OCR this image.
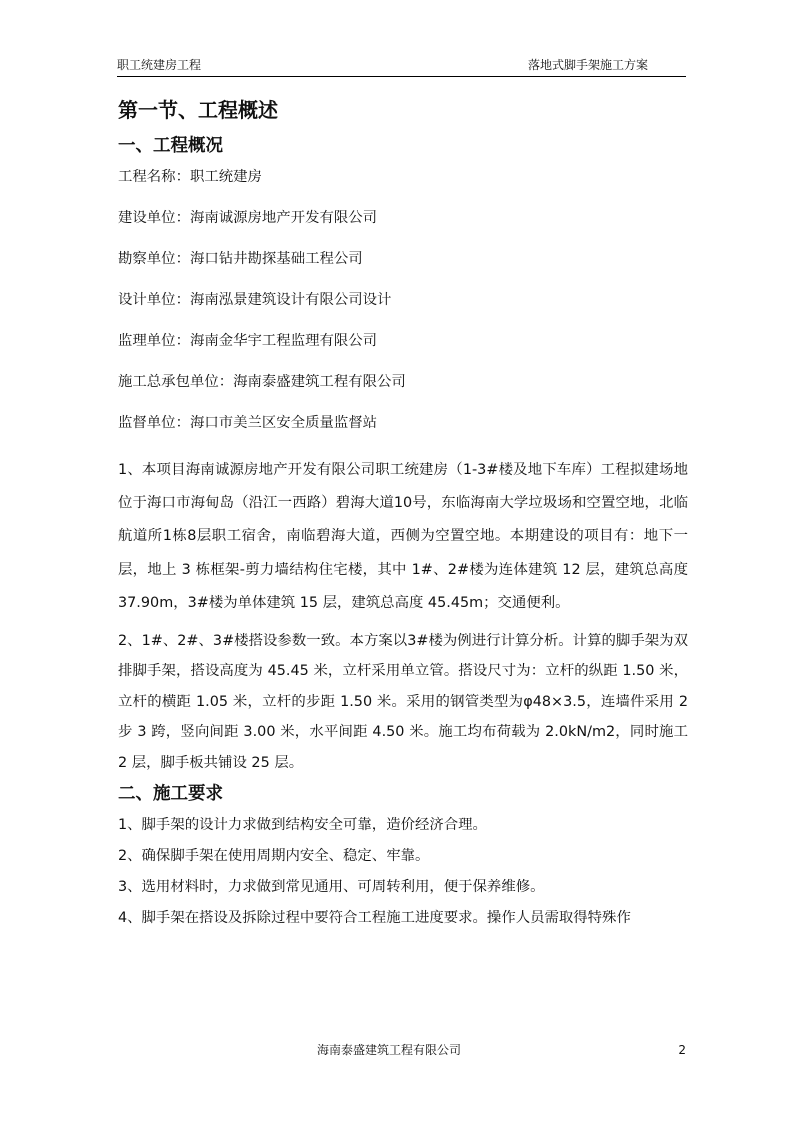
职工统建房工程	落地式脚手架施工方案
第一节、工程概述
一、工程概况
工程名称：职工统建房
建设单位：海南诚源房地产开发有限公司
勘察单位：海口钻井勘探基础工程公司
设计单位：海南泓景建筑设计有限公司设计
监理单位：海南金华宇工程监理有限公司
施工总承包单位：海南泰盛建筑工程有限公司
监督单位：海口市美兰区安全质量监督站

1、本项目海南诚源房地产开发有限公司职工统建房（1-3#楼及地下车库）工程拟建场地位于海口市海甸岛（沿江一西路）碧海大道10号，东临海南大学垃圾场和空置空地，北临航道所1栋8层职工宿舍，南临碧海大道，西侧为空置空地。本期建设的项目有：地下一层，地上 3 栋框架-剪力墙结构住宅楼，其中 1#、2#楼为连体建筑 12 层，建筑总高度 37.90m，3#楼为单体建筑 15 层，建筑总高度 45.45m；交通便利。

2、1#、2#、3#楼搭设参数一致。本方案以3#楼为例进行计算分析。计算的脚手架为双排脚手架，搭设高度为 45.45 米，立杆采用单立管。搭设尺寸为：立杆的纵距 1.50 米，立杆的横距 1.05 米，立杆的步距 1.50 米。采用的钢管类型为φ48×3.5，连墙件采用 2 步 3 跨，竖向间距 3.00 米，水平间距 4.50 米。施工均布荷载为 2.0kN/m2，同时施工 2 层，脚手板共铺设 25 层。

二、施工要求
1、脚手架的设计力求做到结构安全可靠，造价经济合理。
2、确保脚手架在使用周期内安全、稳定、牢靠。
3、选用材料时，力求做到常见通用、可周转利用，便于保养维修。
4、脚手架在搭设及拆除过程中要符合工程施工进度要求。操作人员需取得特殊作
海南泰盛建筑工程有限公司	2
